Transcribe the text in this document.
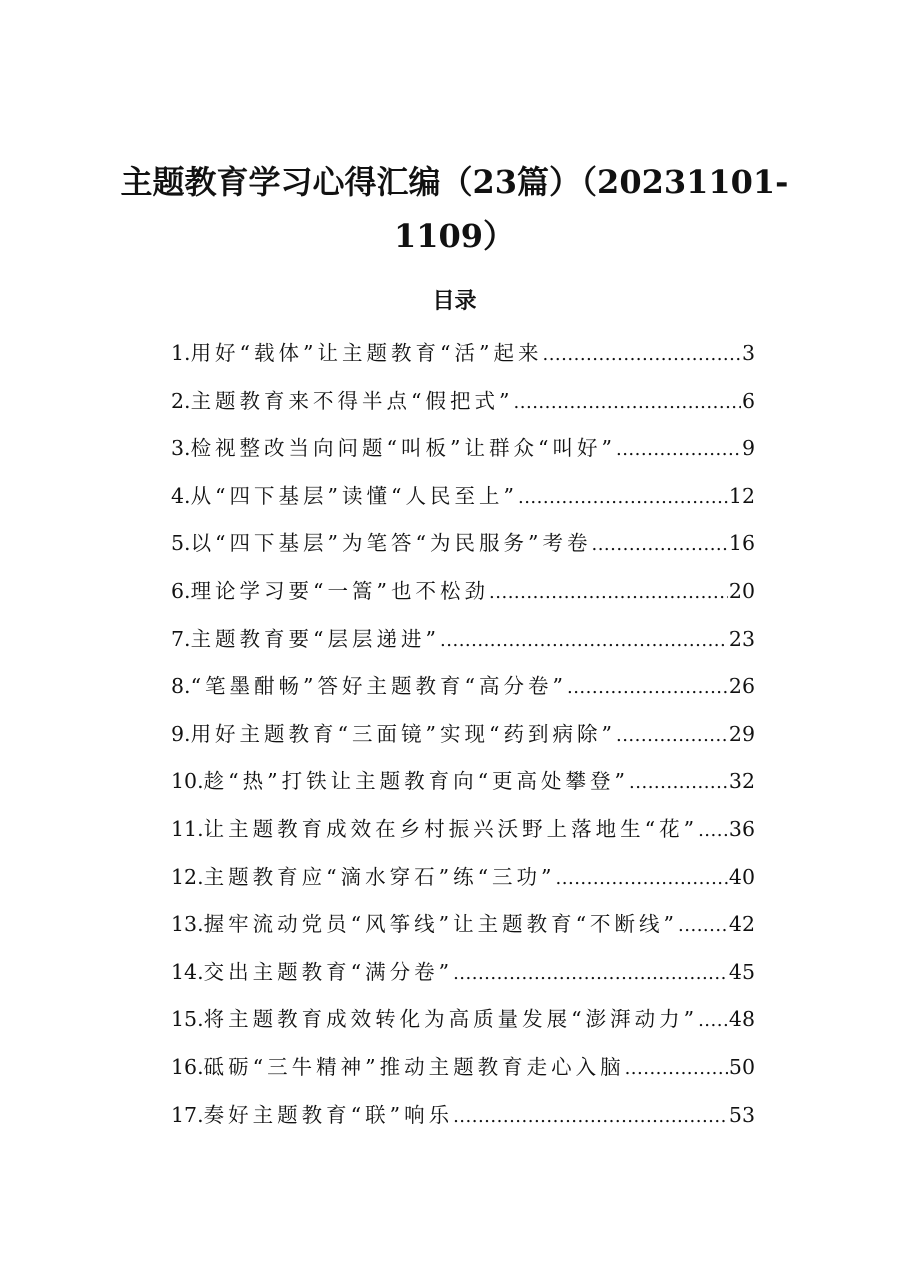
主题教育学习心得汇编（23篇）（20231101-
1109）
目录
1. 用好“载体”让主题教育“活”起来 .....	3
2. 主题教育来不得半点“假把式” .....	6
3. 检视整改当向问题“叫板”让群众“叫好” .....	9
4. 从“四下基层”读懂“人民至上” .....	12
5. 以“四下基层”为笔答“为民服务”考卷 .....	16
6. 理论学习要“一篙”也不松劲 .....	20
7. 主题教育要“层层递进” .....	23
8. “笔墨酣畅”答好主题教育“高分卷” .....	26
9. 用好主题教育“三面镜”实现“药到病除” .....	29
10. 趁“热”打铁让主题教育向“更高处攀登” .....	32
11. 让主题教育成效在乡村振兴沃野上落地生“花” ..... 36
12. 主题教育应“滴水穿石”练“三功” .....	40
13. 握牢流动党员“风筝线”让主题教育“不断线” ..... 42
14. 交出主题教育“满分卷” .....	45
15. 将主题教育成效转化为高质量发展“澎湃动力” ..... 48
16. 砥砺“三牛精神”推动主题教育走心入脑 .....	50
17. 奏好主题教育“联”响乐 .....	53
